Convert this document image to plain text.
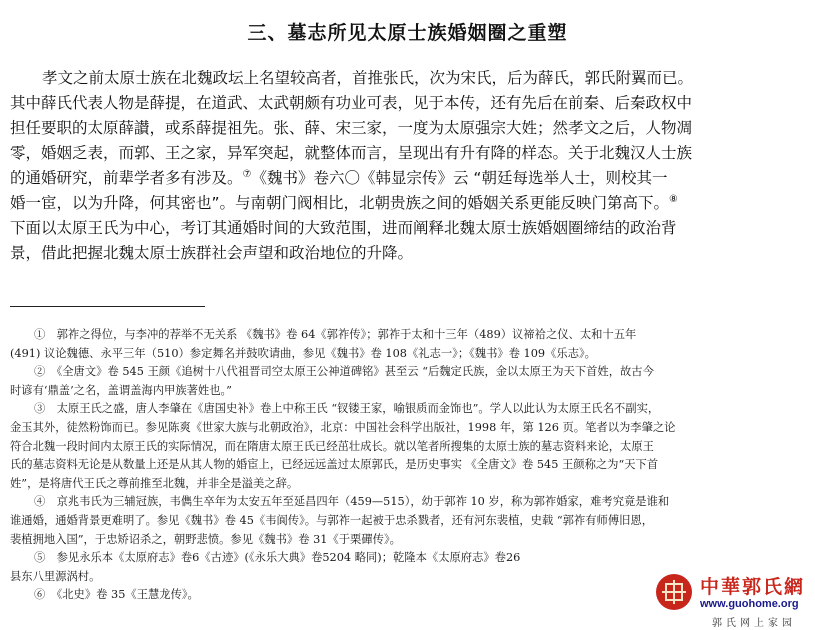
三、墓志所见太原士族婚姻圈之重塑
孝文之前太原士族在北魏政坛上名望较高者，首推张氏，次为宋氏，后为薛氏，郭氏附翼而已。
其中薛氏代表人物是薛提，在道武、太武朝颇有功业可表，见于本传，还有先后在前秦、后秦政权中
担任要职的太原薛讃，或系薛提祖先。张、薛、宋三家，一度为太原强宗大姓；然孝文之后，人物凋
零，婚姻乏表，而郭、王之家，异军突起，就整体而言，呈现出有升有降的样态。关于北魏汉人士族
的通婚研究，前辈学者多有涉及。⑦《魏书》卷六〇《韩显宗传》云 “朝廷每选举人士，则校其一
婚一宦，以为升降，何其密也”。与南朝门阀相比，北朝贵族之间的婚姻关系更能反映门第高下。⑧
下面以太原王氏为中心，考订其通婚时间的大致范围，进而阐释北魏太原士族婚姻圈缔结的政治背
景，借此把握北魏太原士族群社会声望和政治地位的升降。
①　郭祚之得位，与李冲的荐举不无关系 《魏书》卷 64《郭祚传》；郭祚于太和十三年（489）议禘祫之仪、太和十五年
(491) 议论魏德、永平三年（510）参定舞名并鼓吹请曲，参见《魏书》卷 108《礼志一》；《魏书》卷 109《乐志》。
②　《全唐文》卷 545 王颜《追树十八代祖晋司空太原王公神道碑铭》甚至云 “后魏定氏族，金以太原王为天下首姓，故古今
时谚有‘鼎盖’之名，盖谓盖海内甲族著姓也。”
③　太原王氏之盛，唐人李肇在《唐国史补》卷上中称王氏 “钗镂王家，喻银质而金饰也”。学人以此认为太原王氏名不副实，
金玉其外，徒然粉饰而已。参见陈爽《世家大族与北朝政治》，北京：中国社会科学出版社，1998 年，第 126 页。笔者以为李肇之论
符合北魏一段时间内太原王氏的实际情况，而在隋唐太原王氏已经茁壮成长。就以笔者所搜集的太原士族的墓志资料来论，太原王
氏的墓志资料无论是从数量上还是从其人物的婚宦上，已经远远盖过太原郭氏，是历史事实 《全唐文》卷 545 王颜称之为“天下首
姓”，是将唐代王氏之尊前推至北魏，并非全是溢美之辞。
④　京兆韦氏为三辅冠族，韦儁生卒年为太安五年至延昌四年（459—515），幼于郭祚 10 岁，称为郭祚婚家，难考究竟是谁和
谁通婚，通婚背景更难明了。参见《魏书》卷 45《韦阆传》。与郭祚一起被于忠杀戮者，还有河东裴植，史载 “郭祚有师傅旧恩，
裴植拥地入国”，于忠矫诏杀之，朝野悲愤。参见《魏书》卷 31《于栗磾传》。
⑤　参见永乐本《太原府志》卷6《古迹》(《永乐大典》卷5204 略同)；乾隆本《太原府志》卷26
县东八里源涡村。
⑥　《北史》卷 35《王慧龙传》。	中華郭氏網
www.guohome.org
郭氏网上家园
